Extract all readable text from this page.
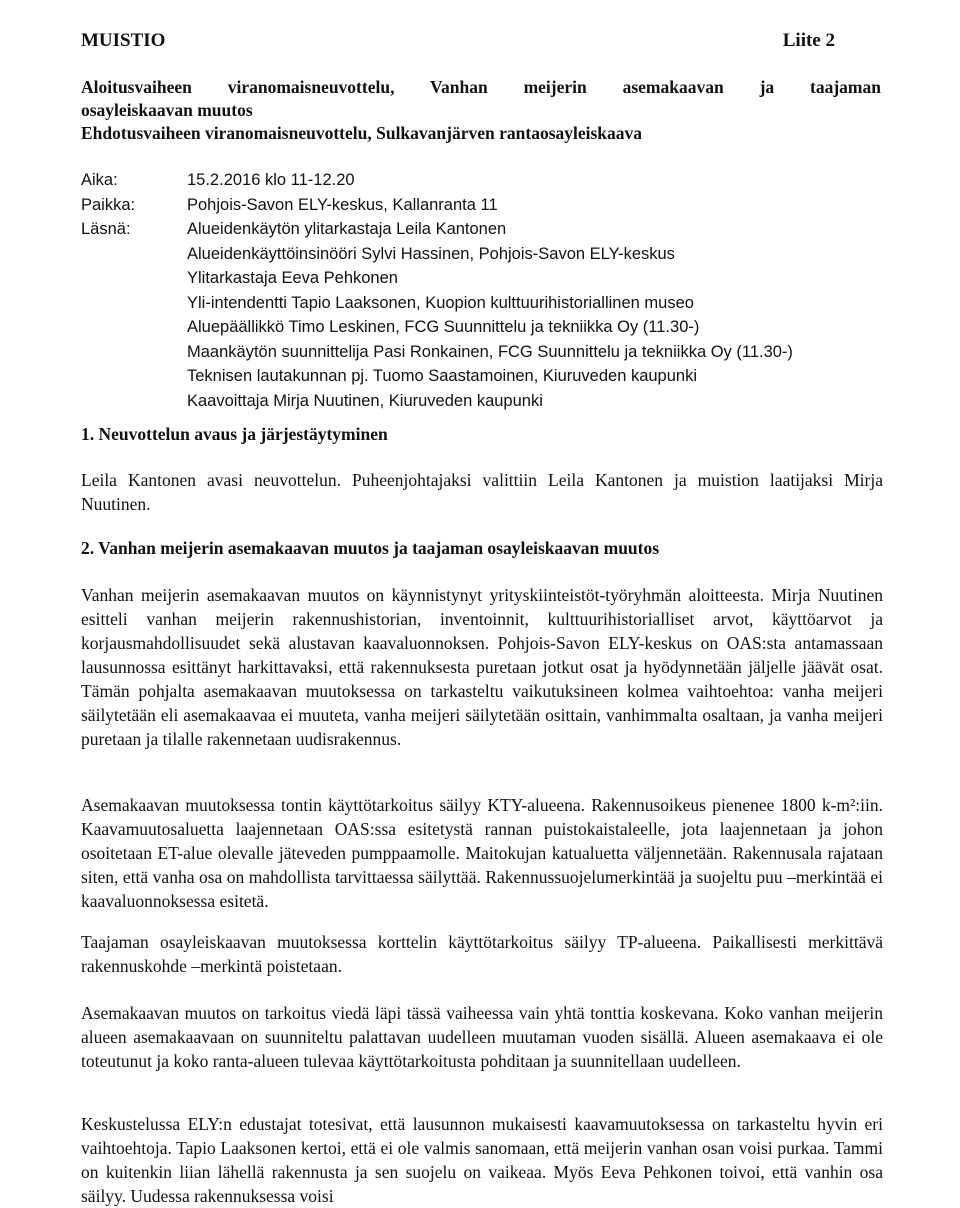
MUISTIO	Liite 2
Aloitusvaiheen viranomaisneuvottelu, Vanhan meijerin asemakaavan ja taajaman
osayleiskaavan muutos
Ehdotusvaiheen viranomaisneuvottelu, Sulkavanjärven rantaosayleiskaava
Aika:	15.2.2016 klo 11-12.20
Paikka:	Pohjois-Savon ELY-keskus, Kallanranta 11
Läsnä:	Alueidenkäytön ylitarkastaja Leila Kantonen
Alueidenkäyttöinsinööri Sylvi Hassinen, Pohjois-Savon ELY-keskus
Ylitarkastaja Eeva Pehkonen
Yli-intendentti Tapio Laaksonen, Kuopion kulttuurihistoriallinen museo
Aluepäällikkö Timo Leskinen, FCG Suunnittelu ja tekniikka Oy (11.30-)
Maankäytön suunnittelija Pasi Ronkainen, FCG Suunnittelu ja tekniikka Oy (11.30-)
Teknisen lautakunnan pj. Tuomo Saastamoinen, Kiuruveden kaupunki
Kaavoittaja Mirja Nuutinen, Kiuruveden kaupunki
1. Neuvottelun avaus ja järjestäytyminen
Leila Kantonen avasi neuvottelun. Puheenjohtajaksi valittiin Leila Kantonen ja muistion laatijaksi Mirja Nuutinen.
2. Vanhan meijerin asemakaavan muutos ja taajaman osayleiskaavan muutos
Vanhan meijerin asemakaavan muutos on käynnistynyt yrityskiinteistöt-työryhmän aloitteesta. Mirja Nuutinen esitteli vanhan meijerin rakennushistorian, inventoinnit, kulttuurihistorialliset arvot, käyttöarvot ja korjausmahdollisuudet sekä alustavan kaavaluonnoksen. Pohjois-Savon ELY-keskus on OAS:sta antamassaan lausunnossa esittänyt harkittavaksi, että rakennuksesta puretaan jotkut osat ja hyödynnetään jäljelle jäävät osat. Tämän pohjalta asemakaavan muutoksessa on tarkasteltu vaikutuksineen kolmea vaihtoehtoa: vanha meijeri säilytetään eli asemakaavaa ei muuteta, vanha meijeri säilytetään osittain, vanhimmalta osaltaan, ja vanha meijeri puretaan ja tilalle rakennetaan uudisrakennus.
Asemakaavan muutoksessa tontin käyttötarkoitus säilyy KTY-alueena. Rakennusoikeus pienenee 1800 k-m²:iin. Kaavamuutosaluetta laajennetaan OAS:ssa esitetystä rannan puistokaistaleelle, jota laajennetaan ja johon osoitetaan ET-alue olevalle jäteveden pumppaamolle. Maitokujan katualuetta väljennetään. Rakennusala rajataan siten, että vanha osa on mahdollista tarvittaessa säilyttää. Rakennussuojelumerkintää ja suojeltu puu –merkintää ei kaavaluonnoksessa esitetä.
Taajaman osayleiskaavan muutoksessa korttelin käyttötarkoitus säilyy TP-alueena. Paikallisesti merkittävä rakennuskohde –merkintä poistetaan.
Asemakaavan muutos on tarkoitus viedä läpi tässä vaiheessa vain yhtä tonttia koskevana. Koko vanhan meijerin alueen asemakaavaan on suunniteltu palattavan uudelleen muutaman vuoden sisällä. Alueen asemakaava ei ole toteutunut ja koko ranta-alueen tulevaa käyttötarkoitusta pohditaan ja suunnitellaan uudelleen.
Keskustelussa ELY:n edustajat totesivat, että lausunnon mukaisesti kaavamuutoksessa on tarkasteltu hyvin eri vaihtoehtoja. Tapio Laaksonen kertoi, että ei ole valmis sanomaan, että meijerin vanhan osan voisi purkaa. Tammi on kuitenkin liian lähellä rakennusta ja sen suojelu on vaikeaa. Myös Eeva Pehkonen toivoi, että vanhin osa säilyy. Uudessa rakennuksessa voisi
